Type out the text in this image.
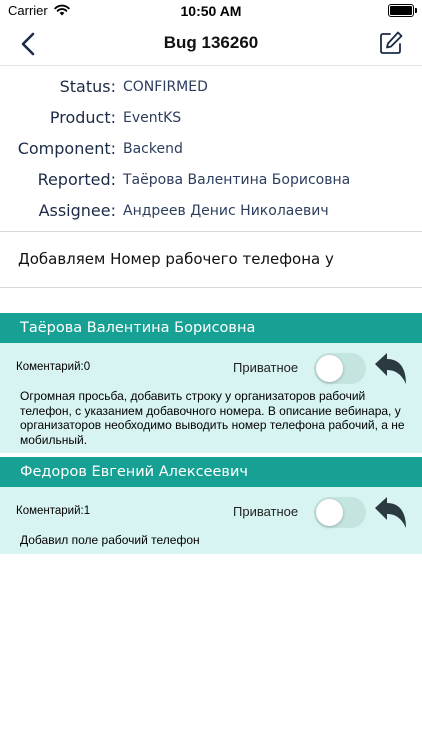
Carrier	10:50 AM
Bug 136260
Status: CONFIRMED
Product: EventKS
Component: Backend
Reported: Таёрова Валентина Борисовна
Assignee: Андреев Денис Николаевич
Добавляем Номер рабочего телефона у
Таёрова Валентина Борисовна
Коментарий:0	Приватное
Огромная просьба, добавить строку у организаторов рабочий телефон, с указанием добавочного номера. В описание вебинара, у организаторов необходимо выводить номер телефона рабочий, а не мобильный.
Федоров Евгений Алексеевич
Коментарий:1	Приватное
Добавил поле рабочий телефон
